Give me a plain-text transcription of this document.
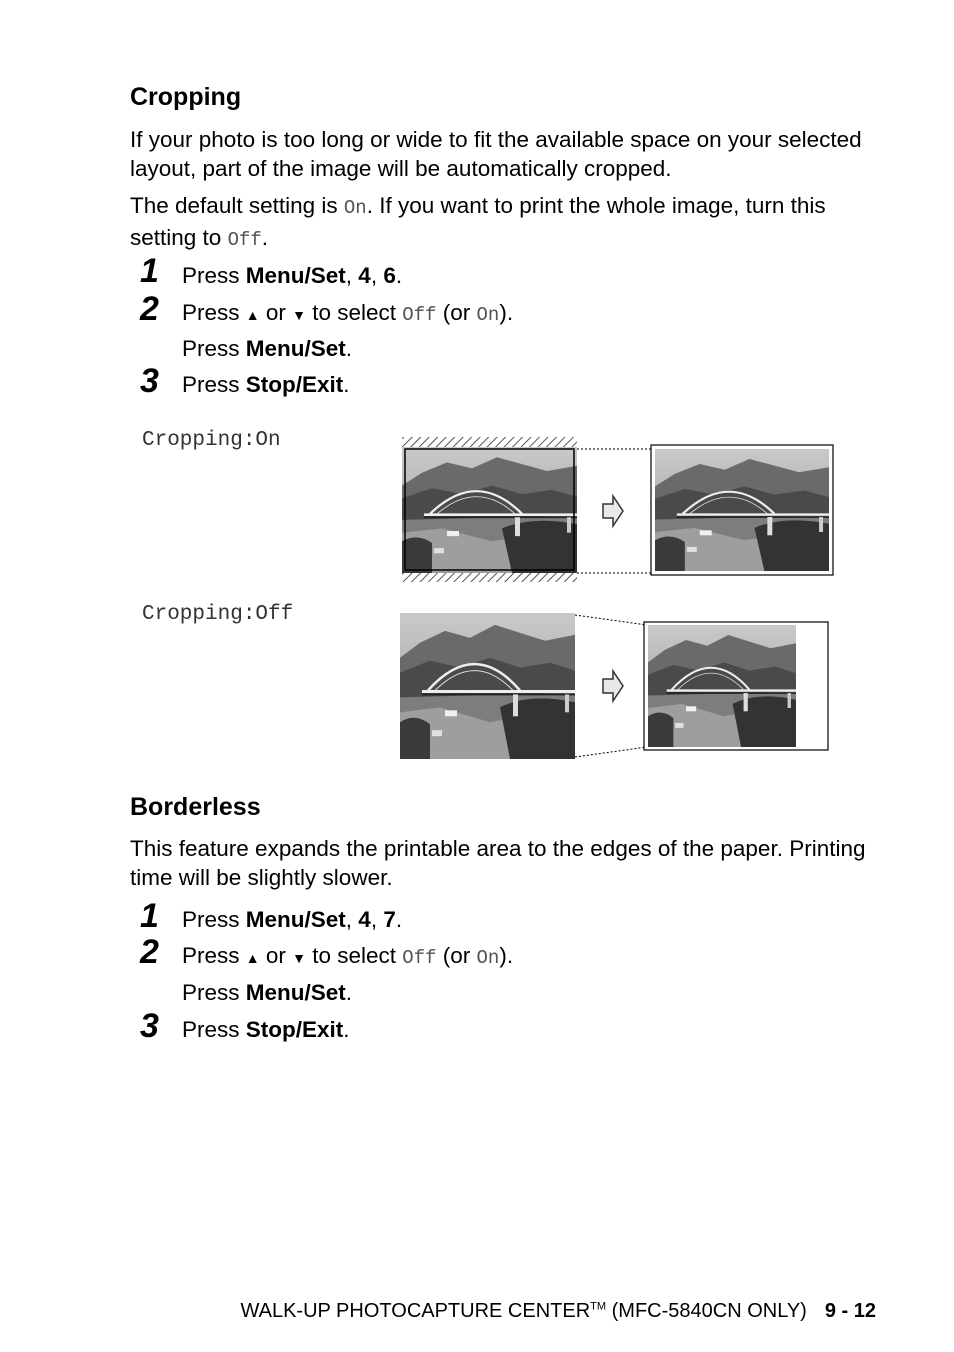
Cropping
If your photo is too long or wide to fit the available space on your selected layout, part of the image will be automatically cropped.
The default setting is On. If you want to print the whole image, turn this setting to Off.
1 Press Menu/Set, 4, 6.
2 Press ▲ or ▼ to select Off (or On).
Press Menu/Set.
3 Press Stop/Exit.
Cropping:On
Cropping:Off
Borderless
This feature expands the printable area to the edges of the paper. Printing time will be slightly slower.
1 Press Menu/Set, 4, 7.
2 Press ▲ or ▼ to select Off (or On).
Press Menu/Set.
3 Press Stop/Exit.
WALK-UP PHOTOCAPTURE CENTER™ (MFC-5840CN ONLY) 9 - 12
